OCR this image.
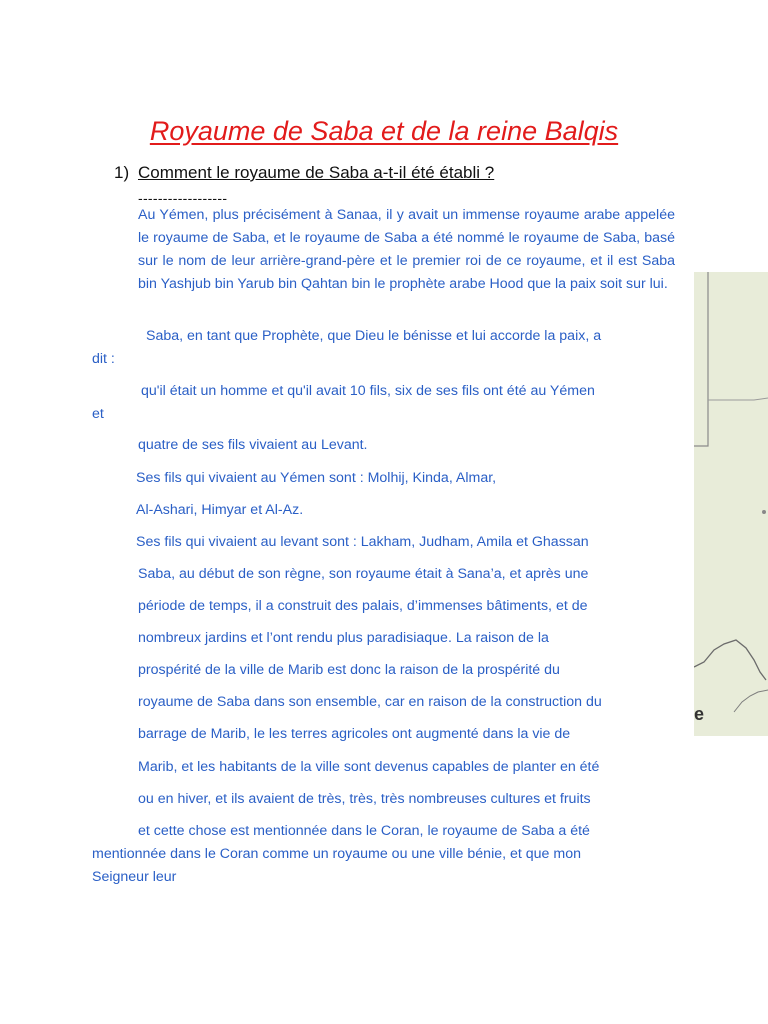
Royaume de Saba et de la reine Balqis
1) Comment le royaume de Saba a-t-il été établi ?
------------------

Au Yémen, plus précisément à Sanaa, il y avait un immense royaume arabe appelée le royaume de Saba, et le royaume de Saba a été nommé le royaume de Saba, basé sur le nom de leur arrière-grand-père et le premier roi de ce royaume, et il est Saba bin Yashjub bin Yarub bin Qahtan bin le prophète arabe Hood que la paix soit sur lui.

Saba, en tant que Prophète, que Dieu le bénisse et lui accorde la paix, a
dit :
qu'il était un homme et qu'il avait 10 fils, six de ses fils ont été au Yémen
et
quatre de ses fils vivaient au Levant.
Ses fils qui vivaient au Yémen sont : Molhij, Kinda, Almar,
Al-Ashari, Himyar et Al-Az.
Ses fils qui vivaient au levant sont : Lakham, Judham, Amila et Ghassan
Saba, au début de son règne, son royaume était à Sana’a, et après une
période de temps, il a construit des palais, d’immenses bâtiments, et de
nombreux jardins et l’ont rendu plus paradisiaque. La raison de la
prospérité de la ville de Marib est donc la raison de la prospérité du
royaume de Saba dans son ensemble, car en raison de la construction du
barrage de Marib, le les terres agricoles ont augmenté dans la vie de
Marib, et les habitants de la ville sont devenus capables de planter en été
ou en hiver, et ils avaient de très, très, très nombreuses cultures et fruits
et cette chose est mentionnée dans le Coran, le royaume de Saba a été
mentionnée dans le Coran comme un royaume ou une ville bénie, et que mon
Seigneur leur
e
